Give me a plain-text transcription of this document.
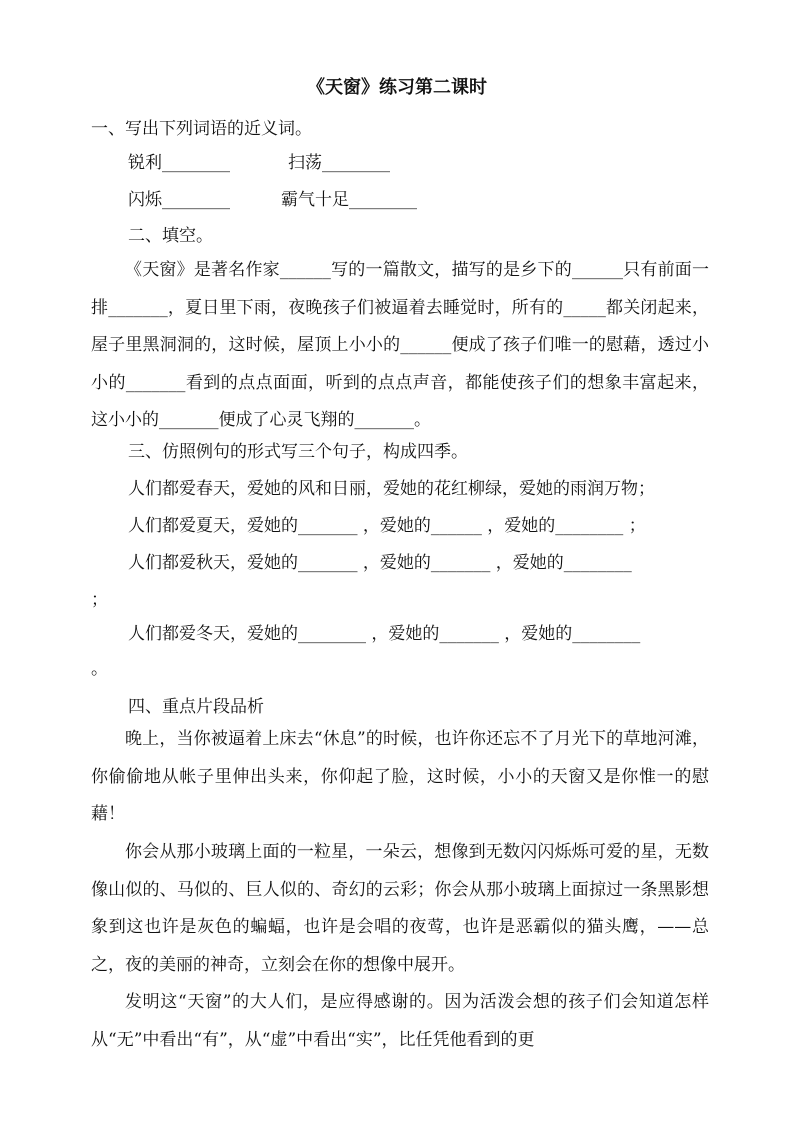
《天窗》练习第二课时
一、写出下列词语的近义词。
锐利________	扫荡________
闪烁________	霸气十足________
二、填空。
《天窗》是著名作家______写的一篇散文，描写的是乡下的______只有前面一排_______，夏日里下雨，夜晚孩子们被逼着去睡觉时，所有的_____都关闭起来，屋子里黑洞洞的，这时候，屋顶上小小的______便成了孩子们唯一的慰藉，透过小小的_______看到的点点面面，听到的点点声音，都能使孩子们的想象丰富起来，这小小的_______便成了心灵飞翔的_______。
三、仿照例句的形式写三个句子，构成四季。
人们都爱春天，爱她的风和日丽，爱她的花红柳绿，爱她的雨润万物；
人们都爱夏天，爱她的_______ ，爱她的______ ，爱她的________ ；
人们都爱秋天，爱她的_______ ，爱她的_______ ，爱她的________
；
人们都爱冬天，爱她的________ ，爱她的_______ ，爱她的________
。
四、重点片段品析
晚上，当你被逼着上床去“休息”的时候，也许你还忘不了月光下的草地河滩，你偷偷地从帐子里伸出头来，你仰起了脸，这时候，小小的天窗又是你惟一的慰藉！
你会从那小玻璃上面的一粒星，一朵云，想像到无数闪闪烁烁可爱的星，无数像山似的、马似的、巨人似的、奇幻的云彩；你会从那小玻璃上面掠过一条黑影想象到这也许是灰色的蝙蝠，也许是会唱的夜莺，也许是恶霸似的猫头鹰，——总之，夜的美丽的神奇，立刻会在你的想像中展开。
发明这“天窗”的大人们，是应得感谢的。因为活泼会想的孩子们会知道怎样从“无”中看出“有”，从“虚”中看出“实”，比任凭他看到的更
